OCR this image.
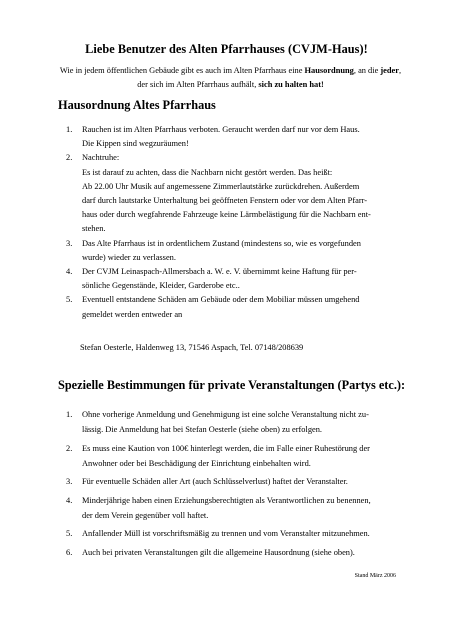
Liebe Benutzer des Alten Pfarrhauses (CVJM-Haus)!

Wie in jedem öffentlichen Gebäude gibt es auch im Alten Pfarrhaus eine Hausordnung, an die jeder, der sich im Alten Pfarrhaus aufhält, sich zu halten hat!

Hausordnung Altes Pfarrhaus
1.	Rauchen ist im Alten Pfarrhaus verboten. Geraucht werden darf nur vor dem Haus.
Die Kippen sind wegzuräumen!
2.	Nachtruhe:
Es ist darauf zu achten, dass die Nachbarn nicht gestört werden. Das heißt:
Ab 22.00 Uhr Musik auf angemessene Zimmerlautstärke zurückdrehen. Außerdem
darf durch lautstarke Unterhaltung bei geöffneten Fenstern oder vor dem Alten Pfarr-
haus oder durch wegfahrende Fahrzeuge keine Lärmbelästigung für die Nachbarn ent-
stehen.
3.	Das Alte Pfarrhaus ist in ordentlichem Zustand (mindestens so, wie es vorgefunden
wurde) wieder zu verlassen.
4.	Der CVJM Leinaspach-Allmersbach a. W. e. V. übernimmt keine Haftung für per-
sönliche Gegenstände, Kleider, Garderobe etc..
5.	Eventuell entstandene Schäden am Gebäude oder dem Mobiliar müssen umgehend
gemeldet werden entweder an

Stefan Oesterle, Haldenweg 13, 71546 Aspach, Tel. 07148/208639

Spezielle Bestimmungen für private Veranstaltungen (Partys etc.):
1.	Ohne vorherige Anmeldung und Genehmigung ist eine solche Veranstaltung nicht zu-
lässig. Die Anmeldung hat bei Stefan Oesterle (siehe oben) zu erfolgen.
2.	Es muss eine Kaution von 100€ hinterlegt werden, die im Falle einer Ruhestörung der
Anwohner oder bei Beschädigung der Einrichtung einbehalten wird.
3.	Für eventuelle Schäden aller Art (auch Schlüsselverlust) haftet der Veranstalter.
4.	Minderjährige haben einen Erziehungsberechtigten als Verantwortlichen zu benennen,
der dem Verein gegenüber voll haftet.
5.	Anfallender Müll ist vorschriftsmäßig zu trennen und vom Veranstalter mitzunehmen.
6.	Auch bei privaten Veranstaltungen gilt die allgemeine Hausordnung (siehe oben).

Stand März 2006
